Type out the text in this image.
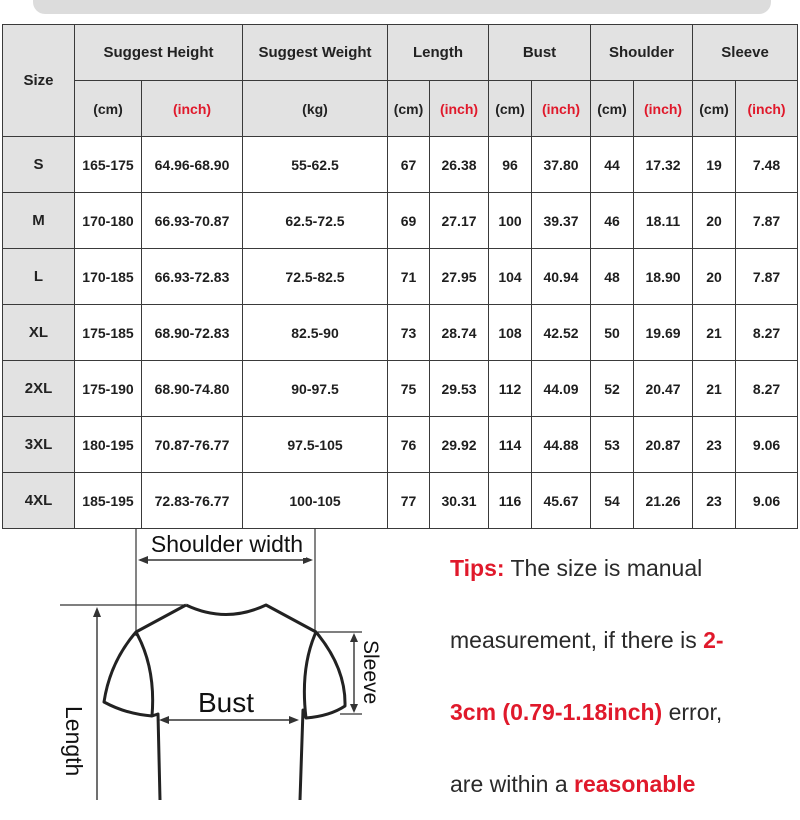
Size	Suggest Height		Suggest Weight	Length		Bust		Shoulder		Sleeve	
	(cm)	(inch)	(kg)	(cm)	(inch)	(cm)	(inch)	(cm)	(inch)	(cm)	(inch)
S	165-175	64.96-68.90	55-62.5	67	26.38	96	37.80	44	17.32	19	7.48
M	170-180	66.93-70.87	62.5-72.5	69	27.17	100	39.37	46	18.11	20	7.87
L	170-185	66.93-72.83	72.5-82.5	71	27.95	104	40.94	48	18.90	20	7.87
XL	175-185	68.90-72.83	82.5-90	73	28.74	108	42.52	50	19.69	21	8.27
2XL	175-190	68.90-74.80	90-97.5	75	29.53	112	44.09	52	20.47	21	8.27
3XL	180-195	70.87-76.77	97.5-105	76	29.92	114	44.88	53	20.87	23	9.06
4XL	185-195	72.83-76.77	100-105	77	30.31	116	45.67	54	21.26	23	9.06
Shoulder width
Length
Bust	Sleeve
Tips: The size is manual
measurement, if there is 2-
3cm (0.79-1.18inch) error,
are within a reasonable
